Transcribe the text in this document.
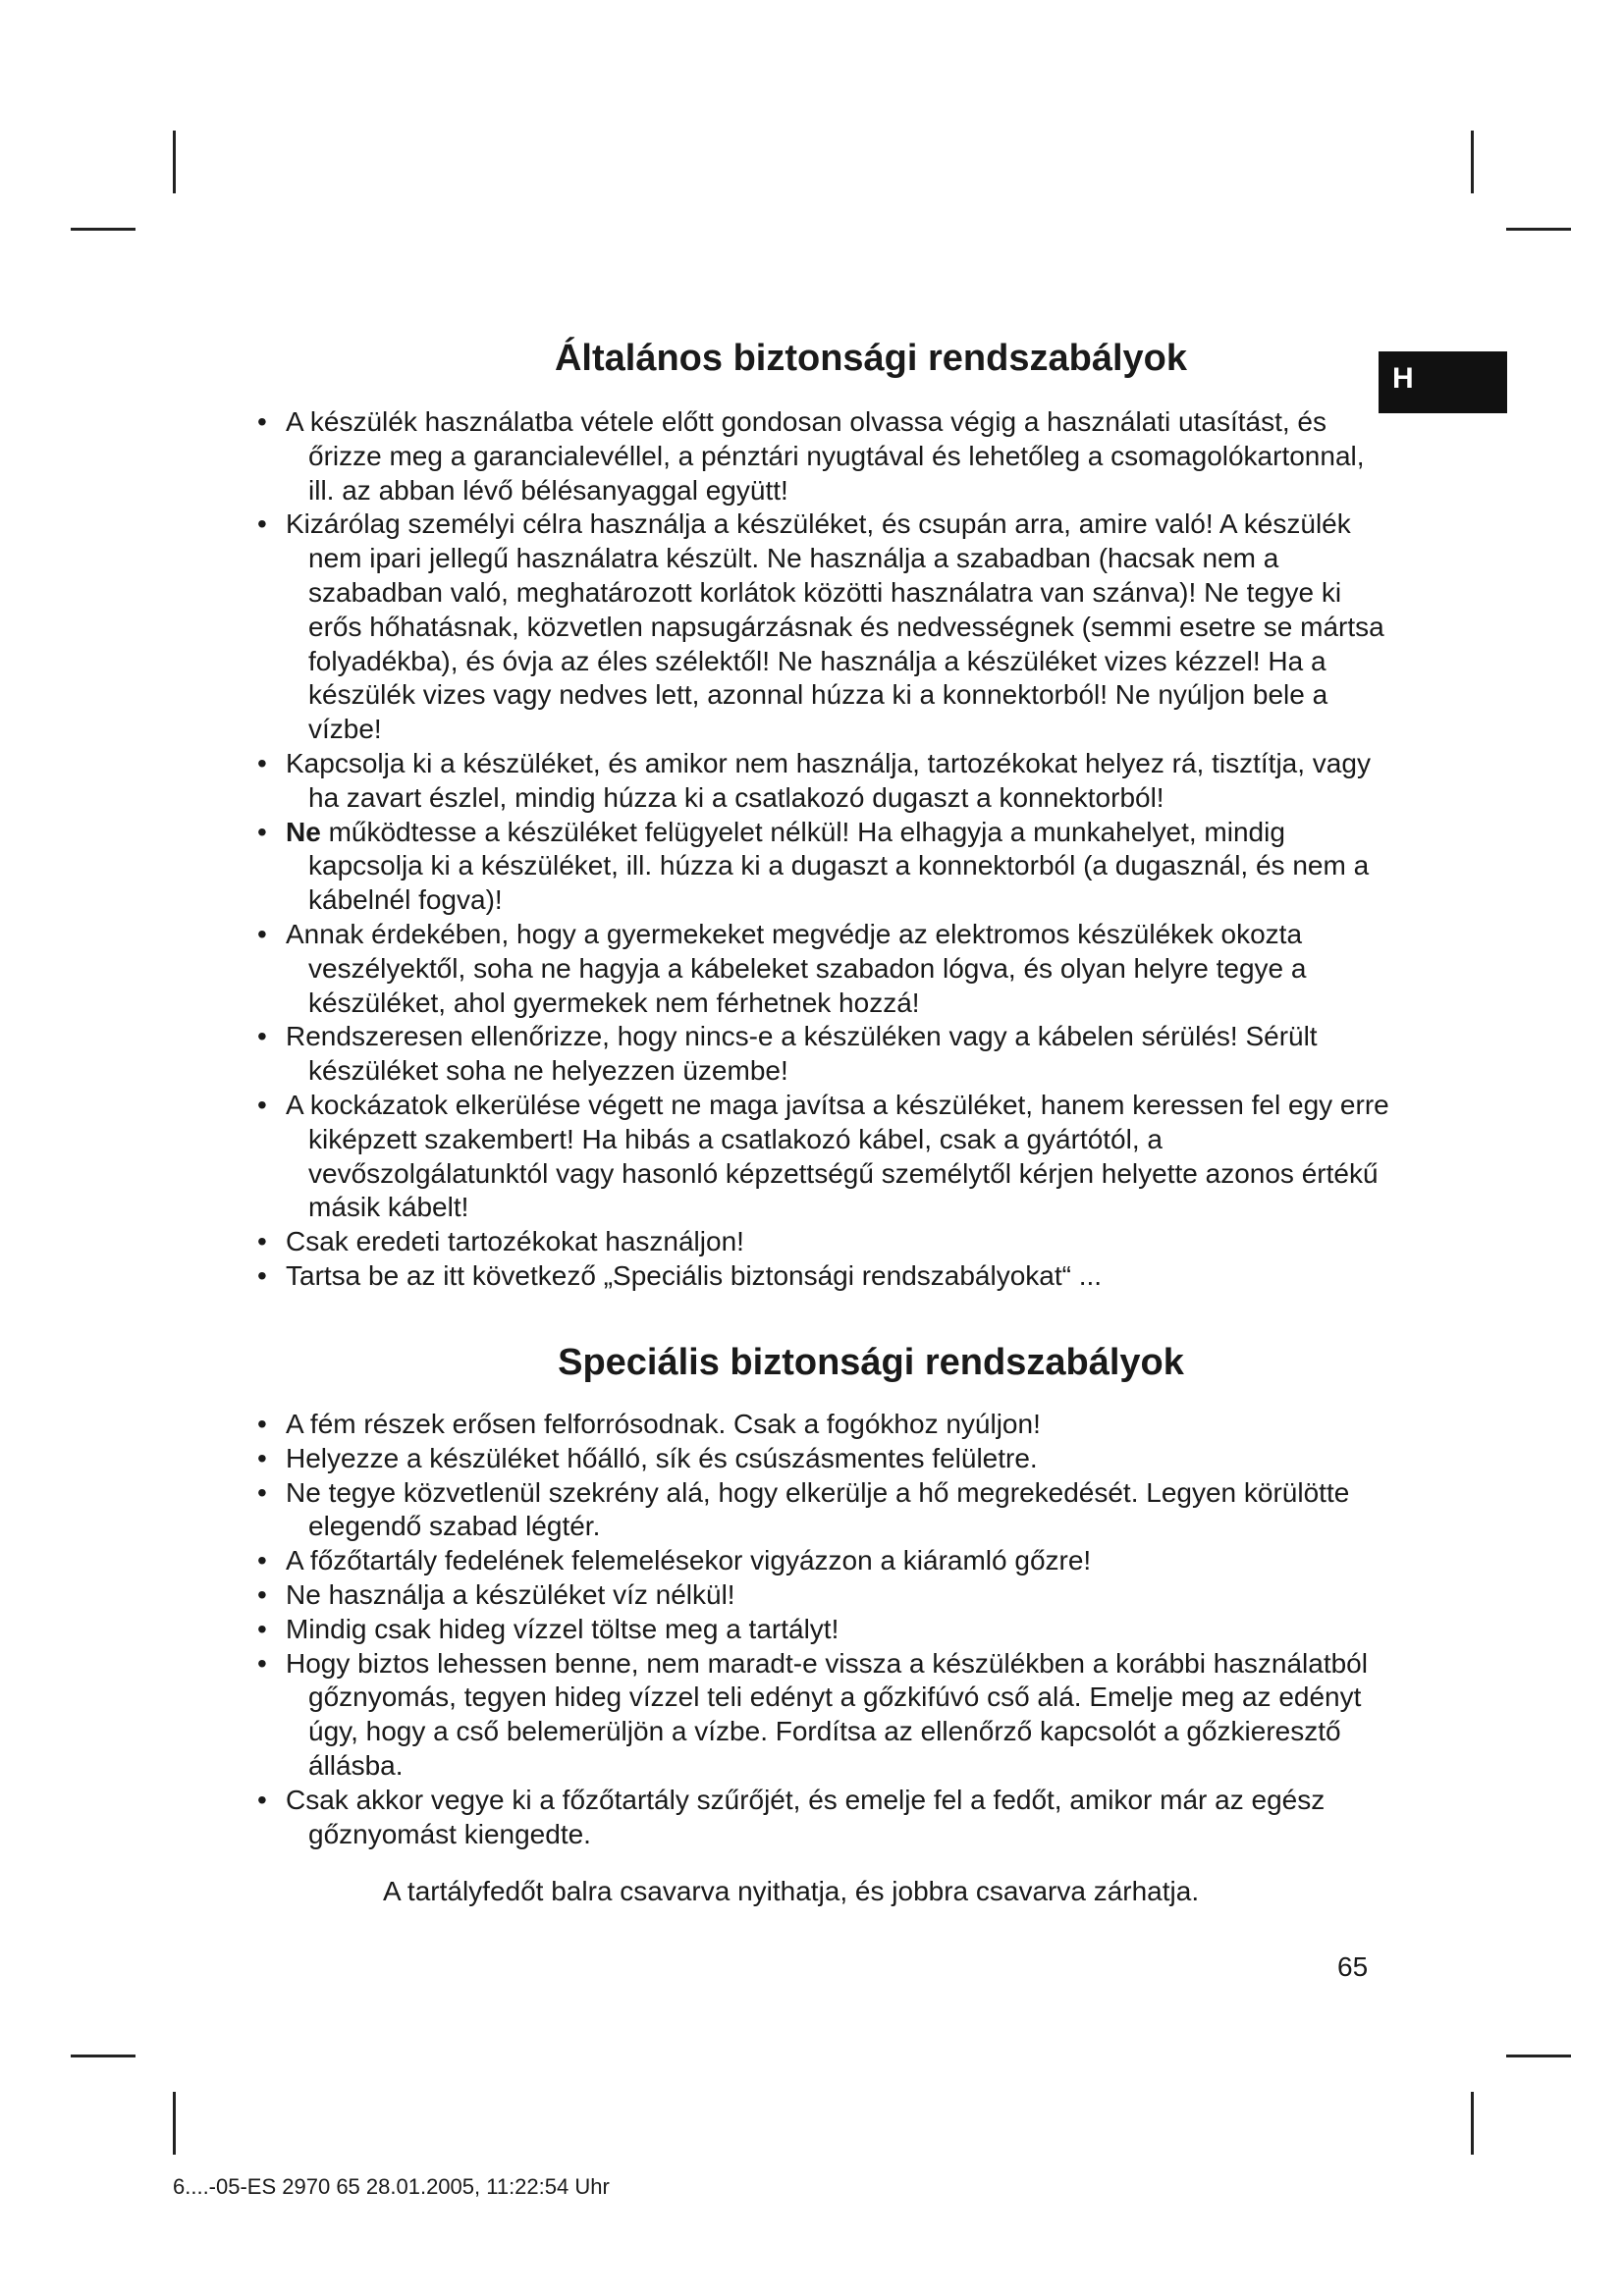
H
Általános biztonsági rendszabályok
• A készülék használatba vétele előtt gondosan olvassa végig a használati utasítást, és őrizze meg a garancialevéllel, a pénztári nyugtával és lehetőleg a csomagolókartonnal, ill. az abban lévő bélésanyaggal együtt!
• Kizárólag személyi célra használja a készüléket, és csupán arra, amire való! A készülék nem ipari jellegű használatra készült. Ne használja a szabadban (hacsak nem a szabadban való, meghatározott korlátok közötti használatra van szánva)! Ne tegye ki erős hőhatásnak, közvetlen napsugárzásnak és nedvességnek (semmi esetre se mártsa folyadékba), és óvja az éles szélektől! Ne használja a készüléket vizes kézzel! Ha a készülék vizes vagy nedves lett, azonnal húzza ki a konnektorból! Ne nyúljon bele a vízbe!
• Kapcsolja ki a készüléket, és amikor nem használja, tartozékokat helyez rá, tisztítja, vagy ha zavart észlel, mindig húzza ki a csatlakozó dugaszt a konnektorból!
• Ne működtesse a készüléket felügyelet nélkül! Ha elhagyja a munkahelyet, mindig kapcsolja ki a készüléket, ill. húzza ki a dugaszt a konnektorból (a dugasznál, és nem a kábelnél fogva)!
• Annak érdekében, hogy a gyermekeket megvédje az elektromos készülékek okozta veszélyektől, soha ne hagyja a kábeleket szabadon lógva, és olyan helyre tegye a készüléket, ahol gyermekek nem férhetnek hozzá!
• Rendszeresen ellenőrizze, hogy nincs-e a készüléken vagy a kábelen sérülés! Sérült készüléket soha ne helyezzen üzembe!
• A kockázatok elkerülése végett ne maga javítsa a készüléket, hanem keressen fel egy erre kiképzett szakembert! Ha hibás a csatlakozó kábel, csak a gyártótól, a vevőszolgálatunktól vagy hasonló képzettségű személytől kérjen helyette azonos értékű másik kábelt!
• Csak eredeti tartozékokat használjon!
• Tartsa be az itt következő „Speciális biztonsági rendszabályokat“ ...
Speciális biztonsági rendszabályok
• A fém részek erősen felforrósodnak. Csak a fogókhoz nyúljon!
• Helyezze a készüléket hőálló, sík és csúszásmentes felületre.
• Ne tegye közvetlenül szekrény alá, hogy elkerülje a hő megrekedését. Legyen körülötte elegendő szabad légtér.
• A főzőtartály fedelének felemelésekor vigyázzon a kiáramló gőzre!
• Ne használja a készüléket víz nélkül!
• Mindig csak hideg vízzel töltse meg a tartályt!
• Hogy biztos lehessen benne, nem maradt-e vissza a készülékben a korábbi használatból gőznyomás, tegyen hideg vízzel teli edényt a gőzkifúvó cső alá. Emelje meg az edényt úgy, hogy a cső belemerüljön a vízbe. Fordítsa az ellenőrző kapcsolót a gőzkieresztő állásba.
• Csak akkor vegye ki a főzőtartály szűrőjét, és emelje fel a fedőt, amikor már az egész gőznyomást kiengedte.

A tartályfedőt balra csavarva nyithatja, és jobbra csavarva zárhatja.

65

6....-05-ES 2970 65 28.01.2005, 11:22:54 Uhr
